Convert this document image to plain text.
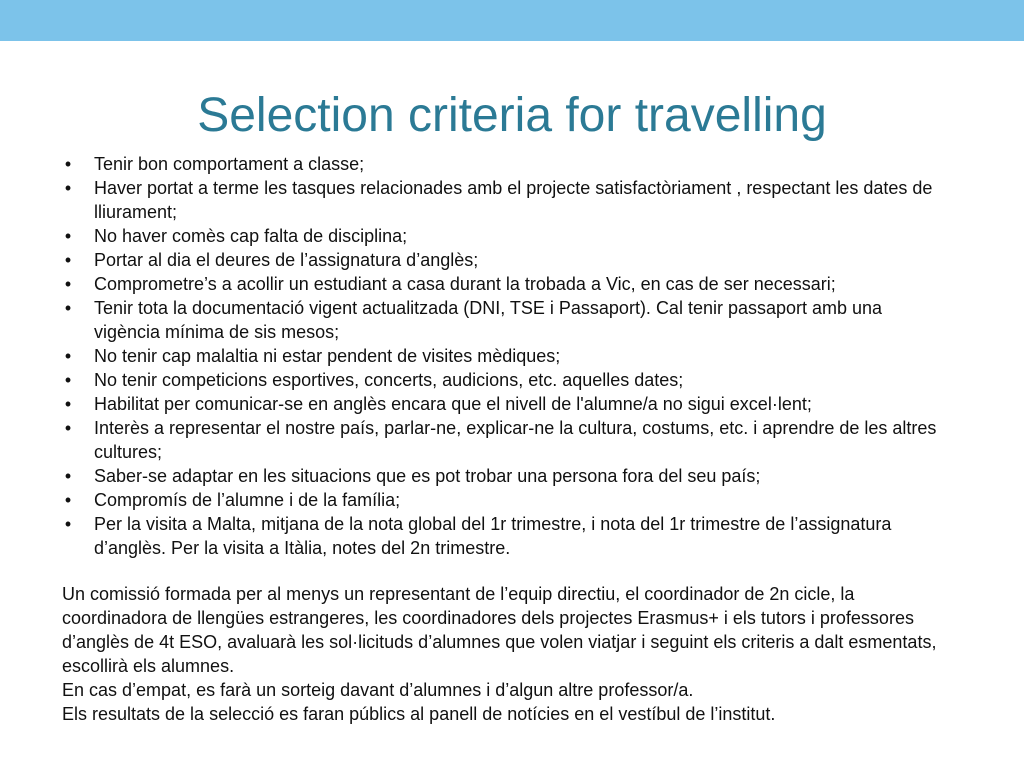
Selection criteria for travelling
• Tenir bon comportament a classe;
• Haver portat a terme les tasques relacionades amb el projecte satisfactòriament , respectant les dates de lliurament;
• No haver comès cap falta de disciplina;
• Portar al dia el deures de l’assignatura d’anglès;
• Comprometre’s a acollir un estudiant a casa durant la trobada a Vic, en cas de ser necessari;
• Tenir tota la documentació vigent actualitzada (DNI, TSE i Passaport). Cal tenir passaport amb una vigència mínima de sis mesos;
• No tenir cap malaltia ni estar pendent de visites mèdiques;
• No tenir competicions esportives, concerts, audicions, etc. aquelles dates;
• Habilitat per comunicar-se en anglès encara que el nivell de l'alumne/a no sigui excel·lent;
• Interès a representar el nostre país, parlar-ne, explicar-ne la cultura, costums, etc. i aprendre de les altres cultures;
• Saber-se adaptar en les situacions que es pot trobar una persona fora del seu país;
• Compromís de l’alumne i de la família;
• Per la visita a Malta, mitjana de la nota global del 1r trimestre, i nota del 1r trimestre de l’assignatura d’anglès. Per la visita a Itàlia, notes del 2n trimestre.

Un comissió formada per al menys un representant de l’equip directiu, el coordinador de 2n cicle, la coordinadora de llengües estrangeres, les coordinadores dels projectes Erasmus+ i els tutors i professores d’anglès de 4t ESO, avaluarà les sol·licituds d’alumnes que volen viatjar i seguint els criteris a dalt esmentats, escollirà els alumnes.

En cas d’empat, es farà un sorteig davant d’alumnes i d’algun altre professor/a.

Els resultats de la selecció es faran públics al panell de notícies en el vestíbul de l’institut.
